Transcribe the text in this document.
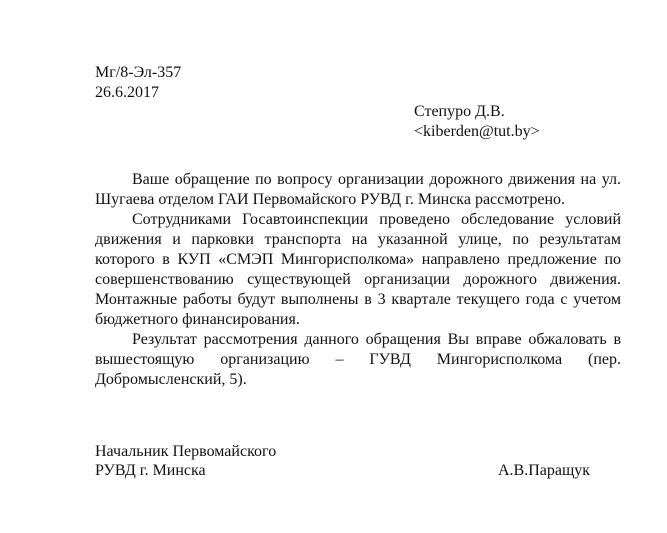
Мг/8-Эл-357
26.6.2017
Степуро Д.В.
<kiberden@tut.by>

Ваше обращение по вопросу организации дорожного движения на ул. Шугаева отделом ГАИ Первомайского РУВД г. Минска рассмотрено.

Сотрудниками Госавтоинспекции проведено обследование условий движения и парковки транспорта на указанной улице, по результатам которого в КУП «СМЭП Мингорисполкома» направлено предложение по совершенствованию существующей организации дорожного движения. Монтажные работы будут выполнены в 3 квартале текущего года с учетом бюджетного финансирования.

Результат рассмотрения данного обращения Вы вправе обжаловать в вышестоящую организацию – ГУВД Мингорисполкома (пер. Добромысленский, 5).

Начальник Первомайского
РУВД г. Минска	А.В.Паращук
